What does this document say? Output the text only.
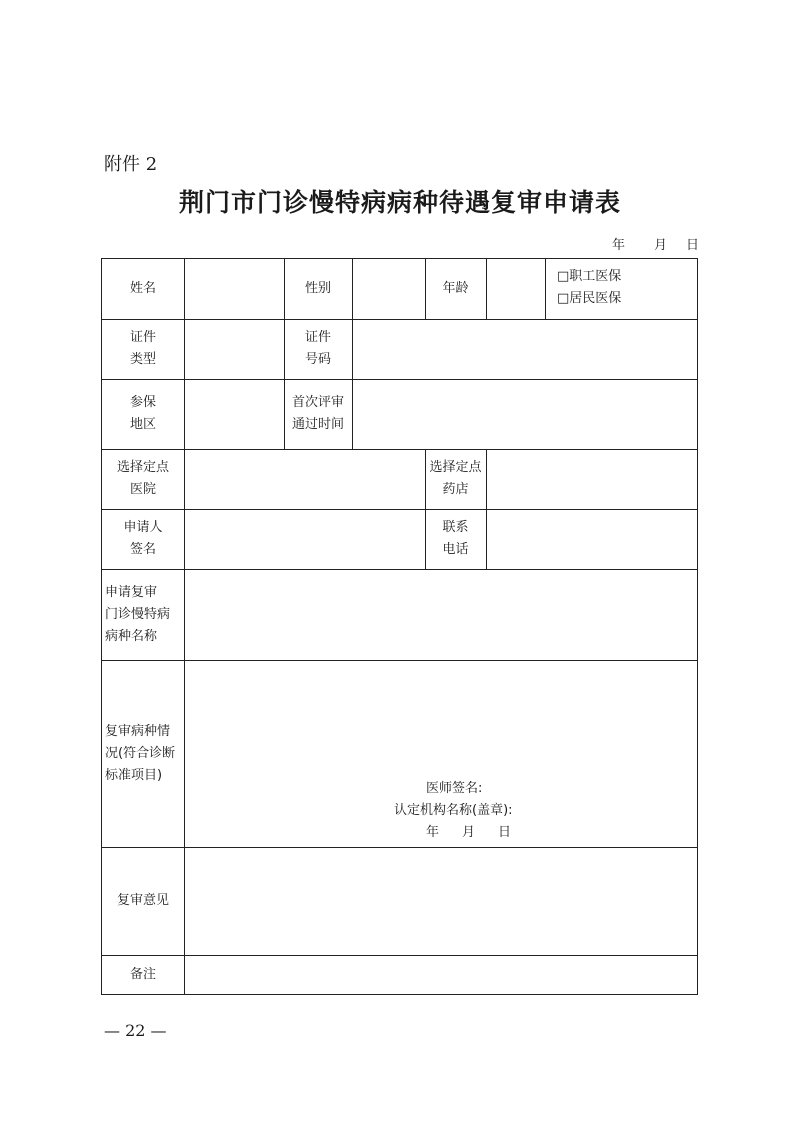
附件 2
荆门市门诊慢特病病种待遇复审申请表
年 月 日
姓名	性别	年龄
□职工医保
□居民医保
证件
类型
证件
号码
参保
地区
首次评审
通过时间
选择定点
医院
选择定点
药店
申请人
签名
联系
电话
申请复审
门诊慢特病
病种名称
复审病种情
况(符合诊断
标准项目)
医师签名:
认定机构名称(盖章):
年 月 日
复审意见
备注
— 22 —
